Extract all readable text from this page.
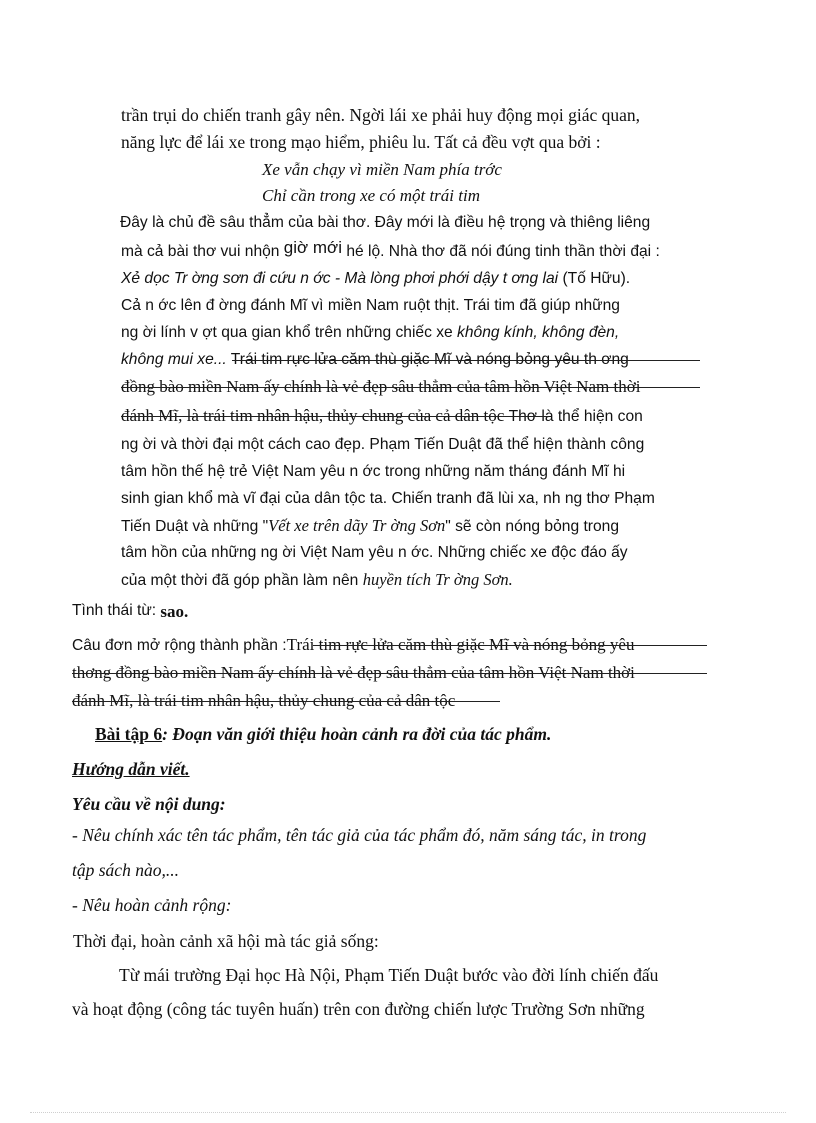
trần trụi do chiến tranh gây nên. Ngời lái xe phải huy động mọi giác quan,
năng lực để lái xe trong mạo hiểm, phiêu lu. Tất cả đều vợt qua bởi :
Xe vẫn chạy vì miền Nam phía trớc
Chỉ cần trong xe có một trái tim
Đây là chủ đề sâu thẳm của bài thơ. Đây mới là điều hệ trọng và thiêng liêng
mà cả bài thơ vui nhộn giờ mới hé lộ. Nhà thơ đã nói đúng tinh thần thời đại :
Xẻ dọc Tr ờng sơn đi cứu n ớc - Mà lòng phơi phới dậy t ơng lai (Tố Hữu).
Cả n ớc lên đ ờng đánh Mĩ vì miền Nam ruột thịt. Trái tim đã giúp những
ng ời lính v ợt qua gian khổ trên những chiếc xe không kính, không đèn,
không mui xe... Trái tim rực lửa căm thù giặc Mĩ và nóng bỏng yêu th ơng
đồng bào miền Nam ấy chính là vẻ đẹp sâu thẳm của tâm hồn Việt Nam thời
đánh Mĩ, là trái tim nhân hậu, thủy chung của cả dân tộc Thơ là thể hiện con
ng ời và thời đại một cách cao đẹp. Phạm Tiến Duật đã thể hiện thành công
tâm hồn thế hệ trẻ Việt Nam yêu n ớc trong những năm tháng đánh Mĩ hi
sinh gian khổ mà vĩ đại của dân tộc ta. Chiến tranh đã lùi xa, nh ng thơ Phạm
Tiến Duật và những "Vết xe trên dãy Tr ờng Sơn" sẽ còn nóng bỏng trong
tâm hồn của những ng ời Việt Nam yêu n ớc. Những chiếc xe độc đáo ấy
của một thời đã góp phần làm nên huyền tích Tr ờng Sơn.
Tình thái từ: sao.
Câu đơn mở rộng thành phần :Trái tim rực lửa căm thù giặc Mĩ và nóng bỏng yêu
thơng đồng bào miền Nam ấy chính là vẻ đẹp sâu thẳm của tâm hồn Việt Nam thời
đánh Mĩ, là trái tim nhân hậu, thủy chung của cả dân tộc
Bài tập 6: Đoạn văn giới thiệu hoàn cảnh ra đời của tác phẩm.
Hướng dẫn viết.
Yêu cầu về nội dung:
- Nêu chính xác tên tác phẩm, tên tác giả của tác phẩm đó, năm sáng tác, in trong
tập sách nào,...
- Nêu hoàn cảnh rộng:
Thời đại, hoàn cảnh xã hội mà tác giả sống:
Từ mái trường Đại học Hà Nội, Phạm Tiến Duật bước vào đời lính chiến đấu
và hoạt động (công tác tuyên huấn) trên con đường chiến lược Trường Sơn những
